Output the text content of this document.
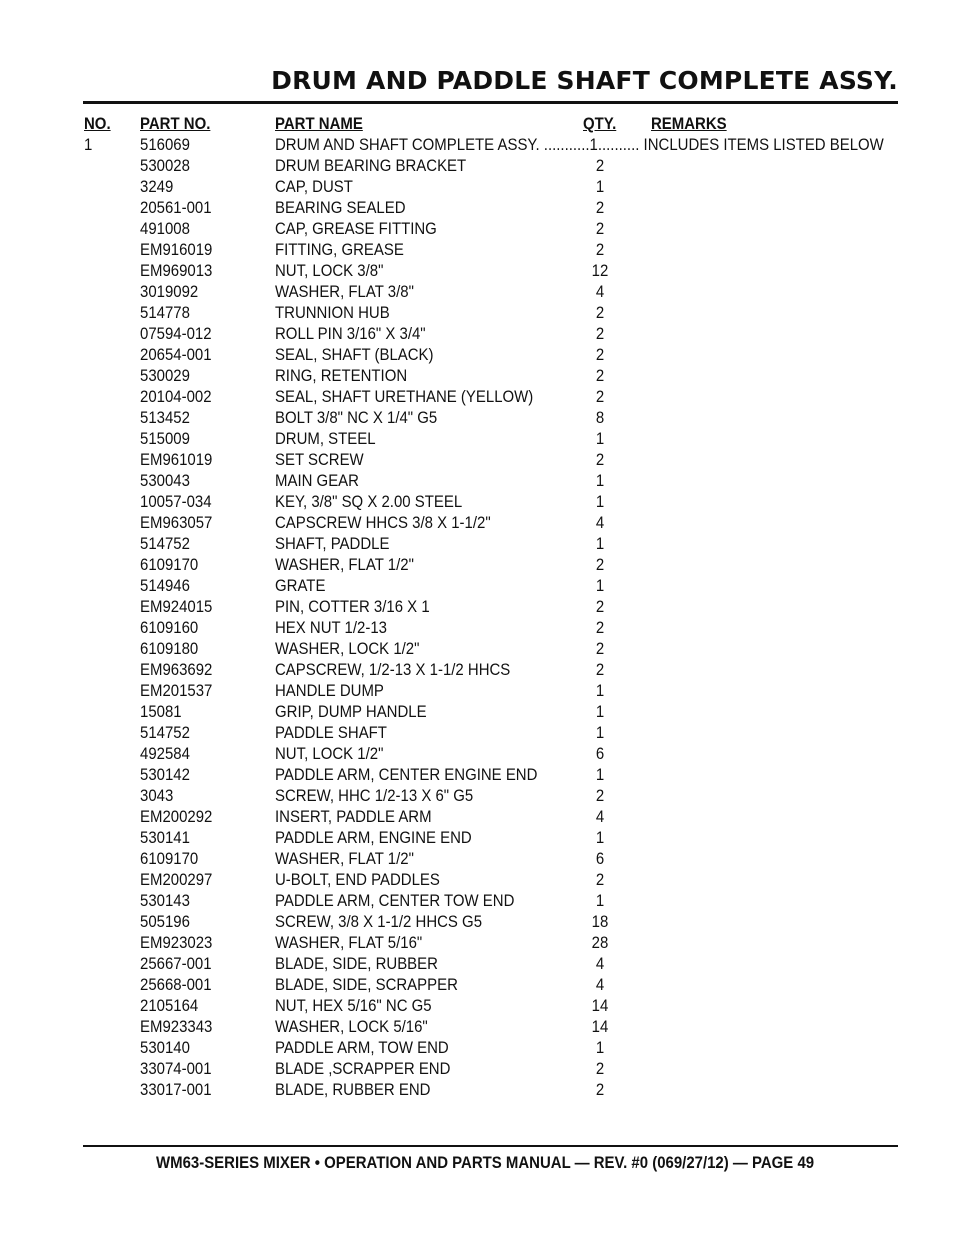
DRUM AND PADDLE SHAFT COMPLETE ASSY.
NO. PART NO.	PART NAME	QTY. REMARKS
1	516069	DRUM AND SHAFT COMPLETE ASSY. ...........1.......... INCLUDES ITEMS LISTED BELOW
530028	DRUM BEARING BRACKET	2
3249	CAP, DUST	1
20561-001	BEARING SEALED	2
491008	CAP, GREASE FITTING	2
EM916019	FITTING, GREASE	2
EM969013	NUT, LOCK 3/8"	12
3019092	WASHER, FLAT 3/8"	4
514778	TRUNNION HUB	2
07594-012	ROLL PIN 3/16" X 3/4"	2
20654-001	SEAL, SHAFT (BLACK)	2
530029	RING, RETENTION	2
20104-002	SEAL, SHAFT URETHANE (YELLOW)	2
513452	BOLT 3/8" NC X 1/4" G5	8
515009	DRUM, STEEL	1
EM961019	SET SCREW	2
530043	MAIN GEAR	1
10057-034	KEY, 3/8" SQ X 2.00 STEEL	1
EM963057	CAPSCREW HHCS 3/8 X 1-1/2"	4
514752	SHAFT, PADDLE	1
6109170	WASHER, FLAT 1/2"	2
514946	GRATE	1
EM924015	PIN, COTTER 3/16 X 1	2
6109160	HEX NUT 1/2-13	2
6109180	WASHER, LOCK 1/2"	2
EM963692	CAPSCREW, 1/2-13 X 1-1/2 HHCS	2
EM201537	HANDLE DUMP	1
15081	GRIP, DUMP HANDLE	1
514752	PADDLE SHAFT	1
492584	NUT, LOCK 1/2"	6
530142	PADDLE ARM, CENTER ENGINE END	1
3043	SCREW, HHC 1/2-13 X 6" G5	2
EM200292	INSERT, PADDLE ARM	4
530141	PADDLE ARM, ENGINE END	1
6109170	WASHER, FLAT 1/2"	6
EM200297	U-BOLT, END PADDLES	2
530143	PADDLE ARM, CENTER TOW END	1
505196	SCREW, 3/8 X 1-1/2 HHCS G5	18
EM923023	WASHER, FLAT 5/16"	28
25667-001	BLADE, SIDE, RUBBER	4
25668-001	BLADE, SIDE, SCRAPPER	4
2105164	NUT, HEX 5/16" NC G5	14
EM923343	WASHER, LOCK 5/16"	14
530140	PADDLE ARM, TOW END	1
33074-001	BLADE ,SCRAPPER END	2
33017-001	BLADE, RUBBER END	2
WM63-SERIES MIXER • OPERATION AND PARTS MANUAL — REV. #0 (069/27/12) — PAGE 49
